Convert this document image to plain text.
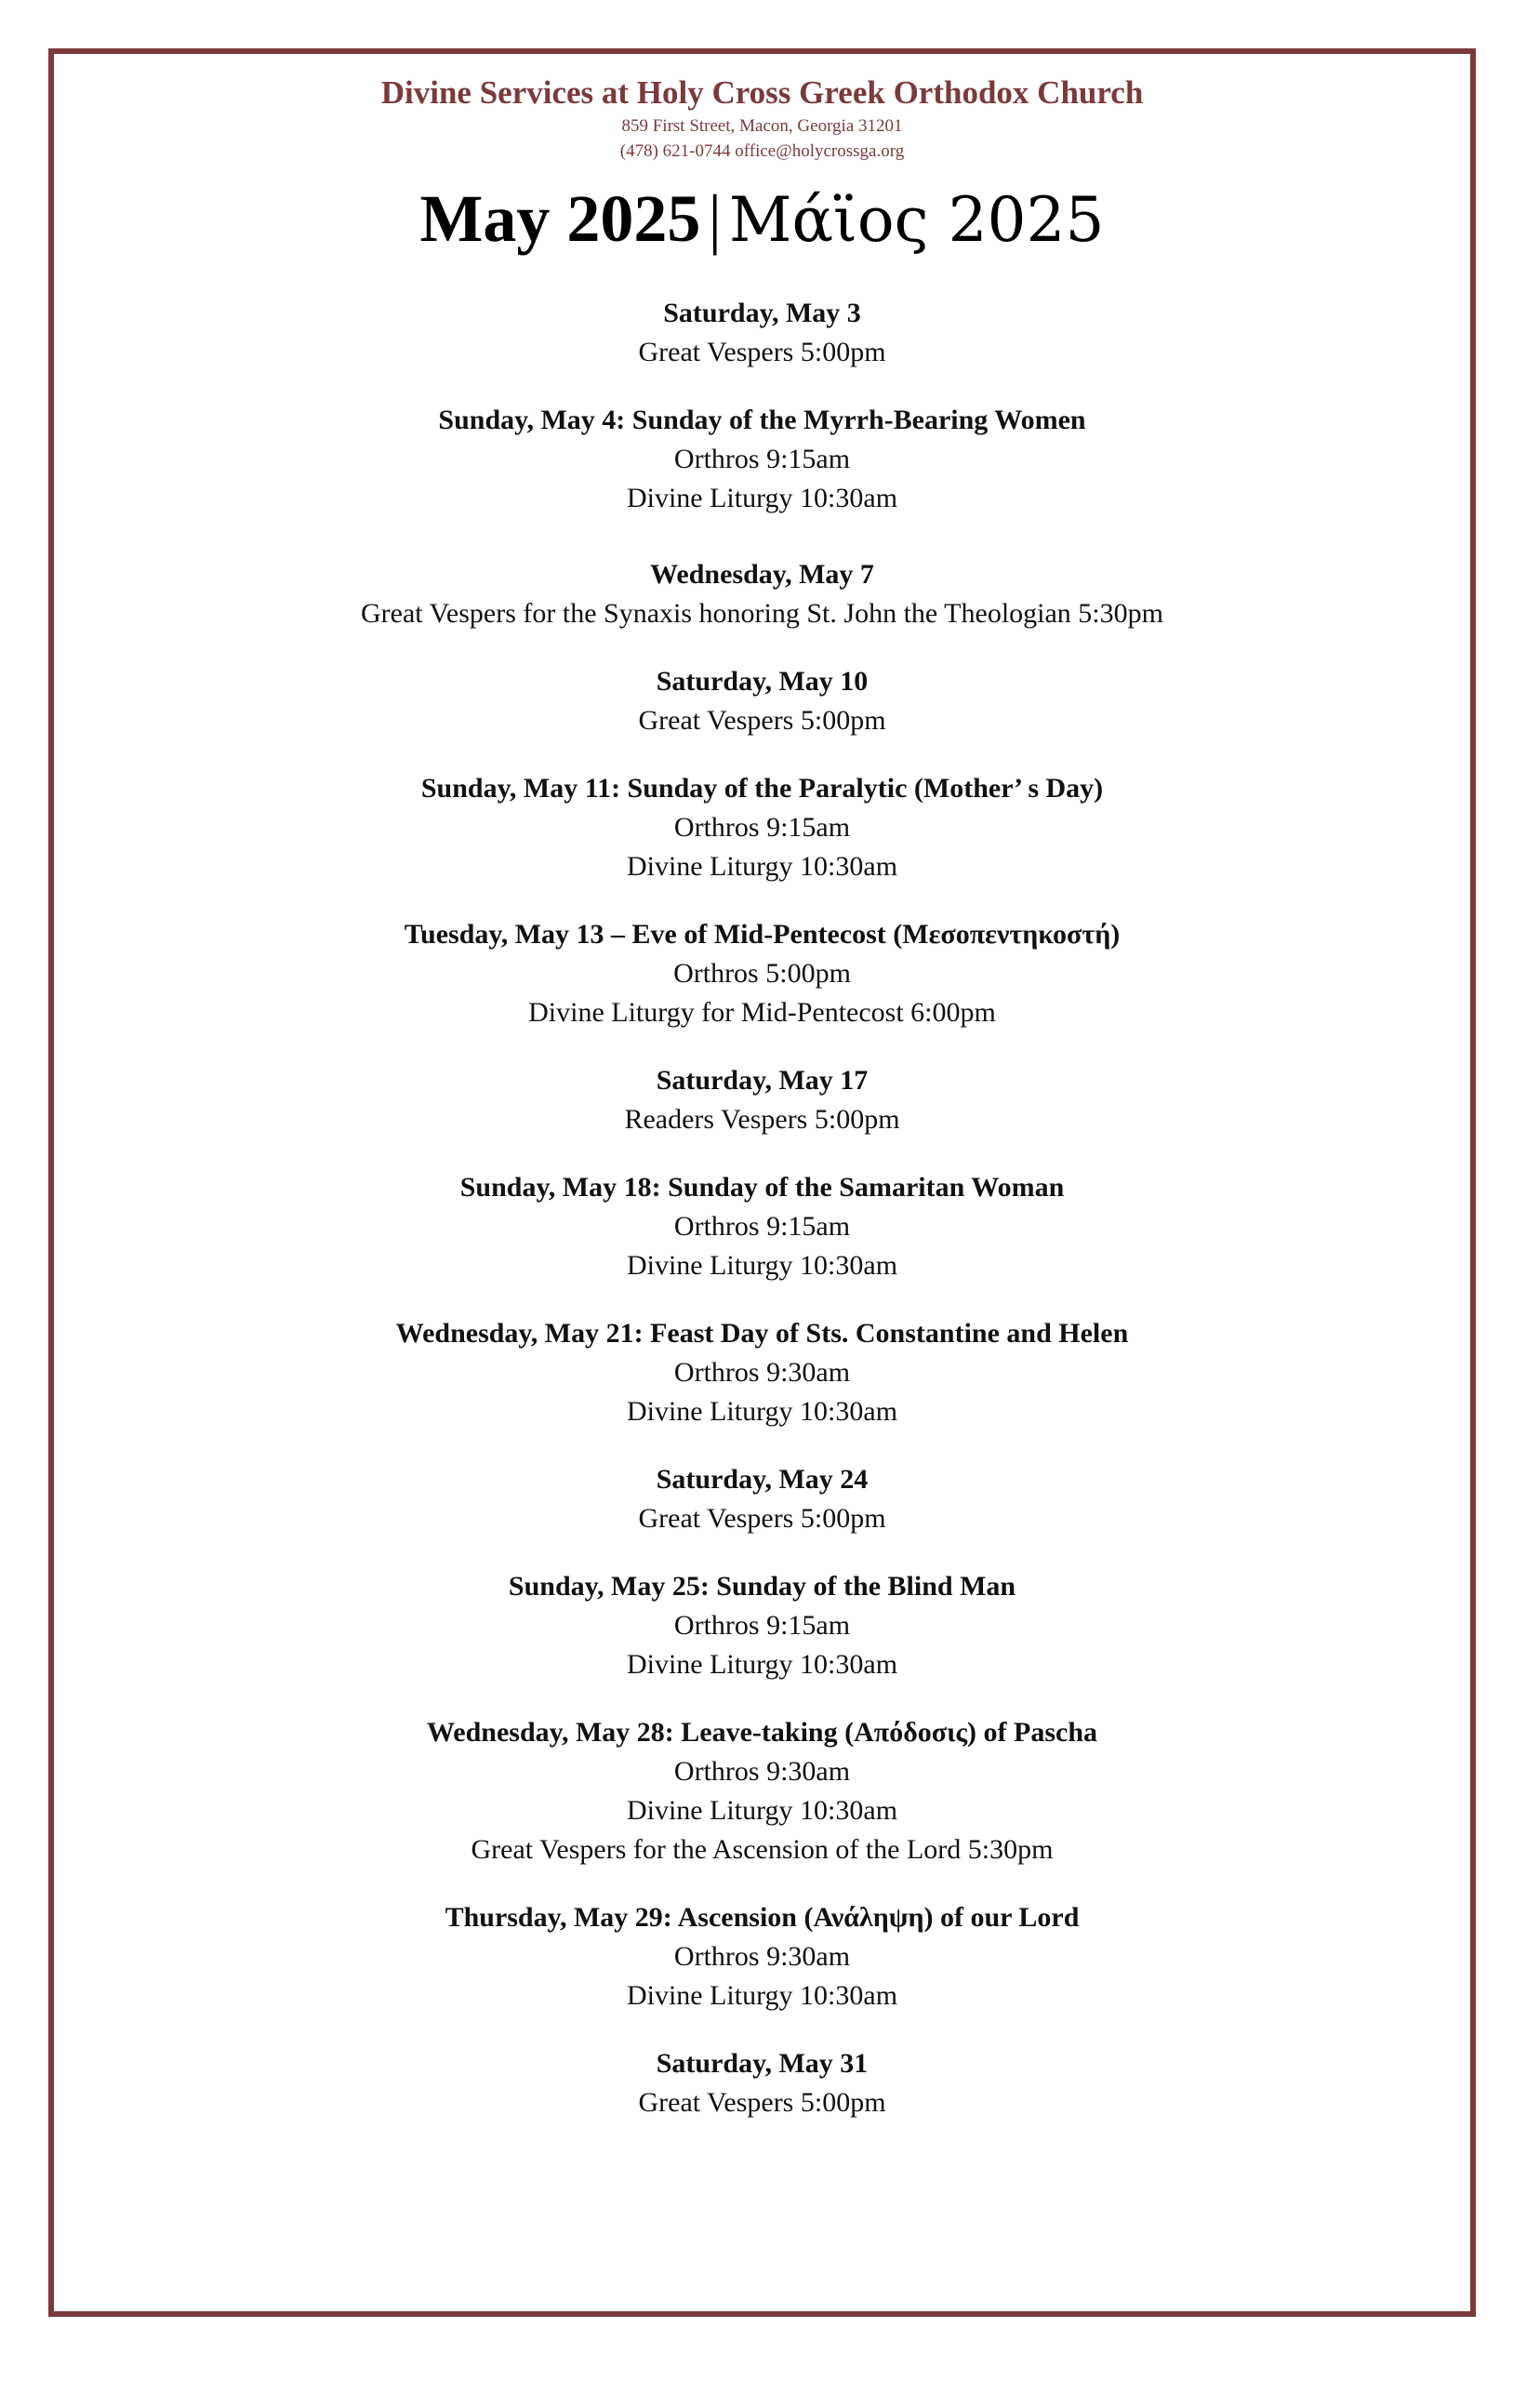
Divine Services at Holy Cross Greek Orthodox Church
859 First Street, Macon, Georgia 31201
(478) 621-0744 office@holycrossga.org
May 2025 | Μάϊος 2025
Saturday, May 3
Great Vespers 5:00pm
Sunday, May 4: Sunday of the Myrrh-Bearing Women
Orthros 9:15am
Divine Liturgy 10:30am
Wednesday, May 7
Great Vespers for the Synaxis honoring St. John the Theologian 5:30pm
Saturday, May 10
Great Vespers 5:00pm
Sunday, May 11: Sunday of the Paralytic (Mother’ s Day)
Orthros 9:15am
Divine Liturgy 10:30am
Tuesday, May 13 – Eve of Mid-Pentecost (Μεσοπεντηκοστή)
Orthros 5:00pm
Divine Liturgy for Mid-Pentecost 6:00pm
Saturday, May 17
Readers Vespers 5:00pm
Sunday, May 18: Sunday of the Samaritan Woman
Orthros 9:15am
Divine Liturgy 10:30am
Wednesday, May 21: Feast Day of Sts. Constantine and Helen
Orthros 9:30am
Divine Liturgy 10:30am
Saturday, May 24
Great Vespers 5:00pm
Sunday, May 25: Sunday of the Blind Man
Orthros 9:15am
Divine Liturgy 10:30am
Wednesday, May 28: Leave-taking (Απόδοσις) of Pascha
Orthros 9:30am
Divine Liturgy 10:30am
Great Vespers for the Ascension of the Lord 5:30pm
Thursday, May 29: Ascension (Ανάληψη) of our Lord
Orthros 9:30am
Divine Liturgy 10:30am
Saturday, May 31
Great Vespers 5:00pm
